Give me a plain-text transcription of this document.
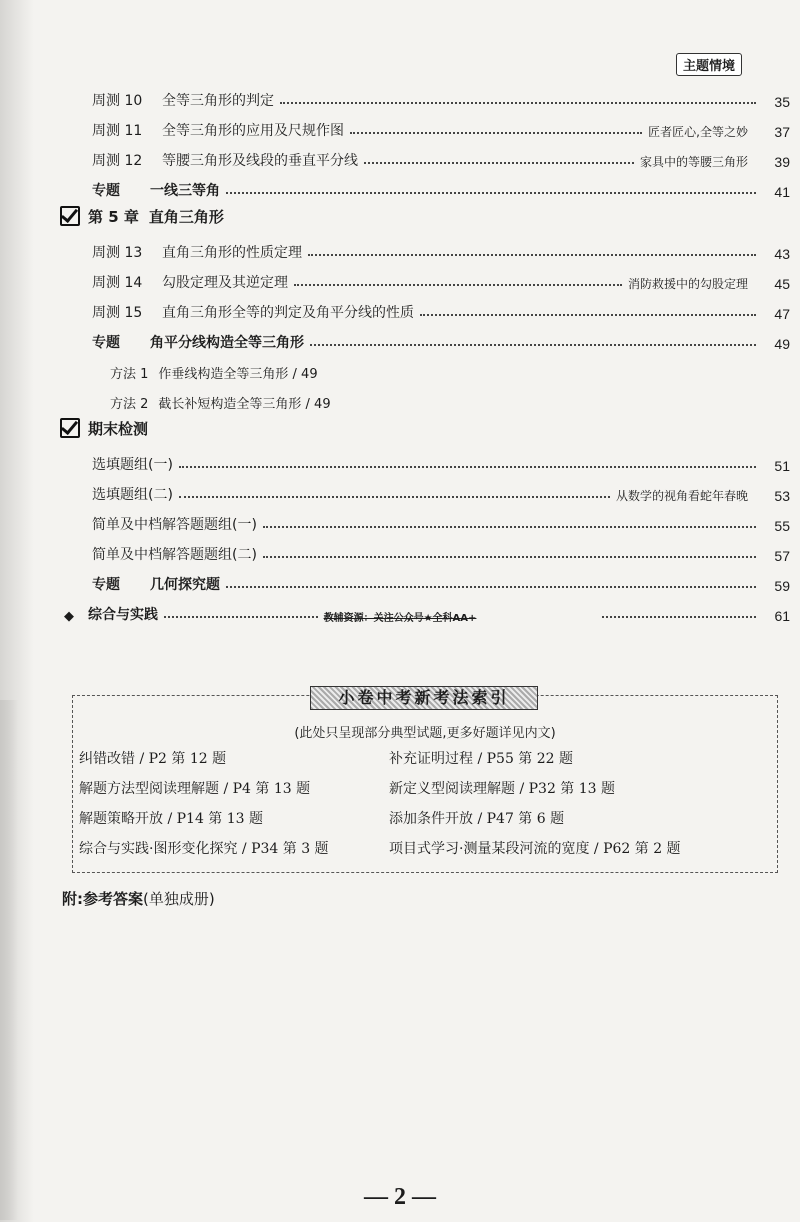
主题情境
周测 10 全等三角形的判定	35
周测 11 全等三角形的应用及尺规作图	匠者匠心,全等之妙	37
周测 12 等腰三角形及线段的垂直平分线	家具中的等腰三角形	39
专题 一线三等角	41
第 5 章 直角三角形
周测 13 直角三角形的性质定理	43
周测 14 勾股定理及其逆定理	消防救援中的勾股定理	45
周测 15 直角三角形全等的判定及角平分线的性质	47
专题 角平分线构造全等三角形	49
方法 1 作垂线构造全等三角形 / 49
方法 2 截长补短构造全等三角形 / 49
期末检测
选填题组(一)	51
选填题组(二)	从数学的视角看蛇年春晚	53
简单及中档解答题题组(一)	55
简单及中档解答题题组(二)	57
专题 几何探究题	59
◆ 综合与实践	教辅资源：关注公众号★全科AA+	61
小卷中考新考法索引
(此处只呈现部分典型试题,更多好题详见内文)
纠错改错 / P2 第 12 题	补充证明过程 / P55 第 22 题
解题方法型阅读理解题 / P4 第 13 题	新定义型阅读理解题 / P32 第 13 题
解题策略开放 / P14 第 13 题	添加条件开放 / P47 第 6 题
综合与实践·图形变化探究 / P34 第 3 题	项目式学习·测量某段河流的宽度 / P62 第 2 题
附:参考答案(单独成册)
— 2 —
